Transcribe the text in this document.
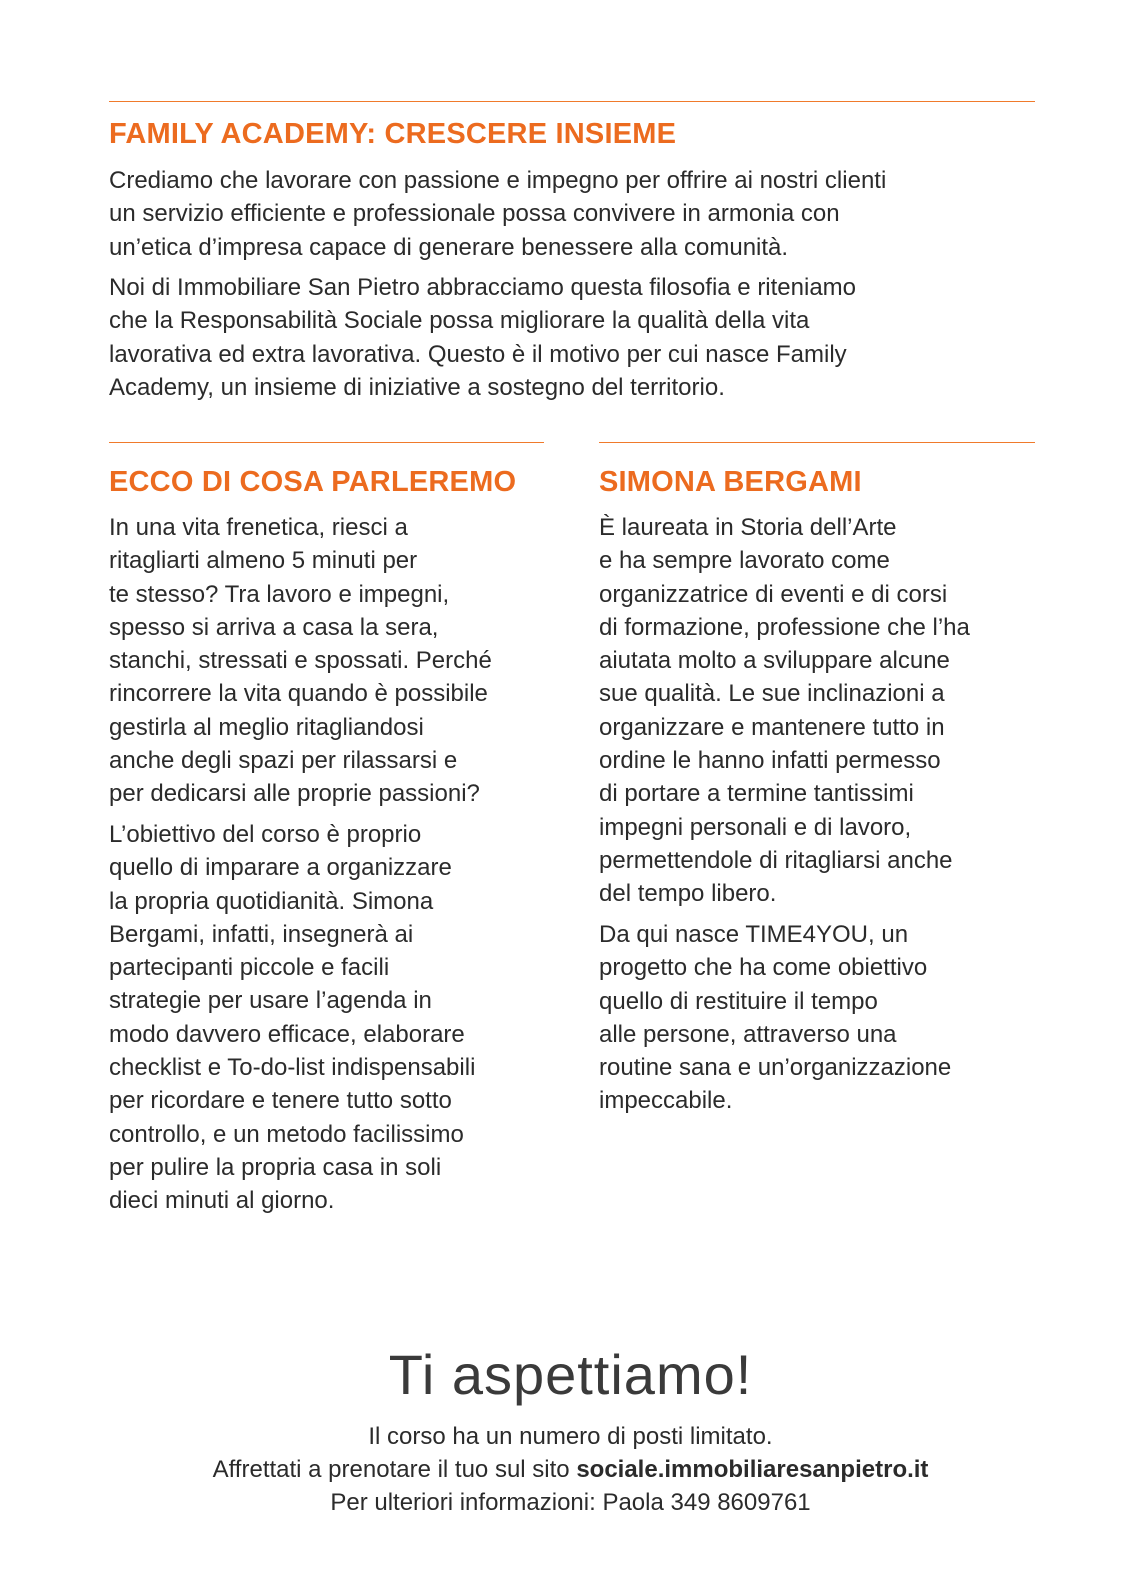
FAMILY ACADEMY: CRESCERE INSIEME

Crediamo che lavorare con passione e impegno per offrire ai nostri clienti
un servizio efficiente e professionale possa convivere in armonia con
un’etica d’impresa capace di generare benessere alla comunità.

Noi di Immobiliare San Pietro abbracciamo questa filosofia e riteniamo
che la Responsabilità Sociale possa migliorare la qualità della vita
lavorativa ed extra lavorativa. Questo è il motivo per cui nasce Family
Academy, un insieme di iniziative a sostegno del territorio.

ECCO DI COSA PARLEREMO

In una vita frenetica, riesci a
ritagliarti almeno 5 minuti per
te stesso? Tra lavoro e impegni,
spesso si arriva a casa la sera,
stanchi, stressati e spossati. Perché
rincorrere la vita quando è possibile
gestirla al meglio ritagliandosi
anche degli spazi per rilassarsi e
per dedicarsi alle proprie passioni?

L’obiettivo del corso è proprio
quello di imparare a organizzare
la propria quotidianità. Simona
Bergami, infatti, insegnerà ai
partecipanti piccole e facili
strategie per usare l’agenda in
modo davvero efficace, elaborare
checklist e To-do-list indispensabili
per ricordare e tenere tutto sotto
controllo, e un metodo facilissimo
per pulire la propria casa in soli
dieci minuti al giorno.

SIMONA BERGAMI

È laureata in Storia dell’Arte
e ha sempre lavorato come
organizzatrice di eventi e di corsi
di formazione, professione che l’ha
aiutata molto a sviluppare alcune
sue qualità. Le sue inclinazioni a
organizzare e mantenere tutto in
ordine le hanno infatti permesso
di portare a termine tantissimi
impegni personali e di lavoro,
permettendole di ritagliarsi anche
del tempo libero.

Da qui nasce TIME4YOU, un
progetto che ha come obiettivo
quello di restituire il tempo
alle persone, attraverso una
routine sana e un’organizzazione
impeccabile.

Ti aspettiamo!
Il corso ha un numero di posti limitato.
Affrettati a prenotare il tuo sul sito sociale.immobiliaresanpietro.it
Per ulteriori informazioni: Paola 349 8609761
